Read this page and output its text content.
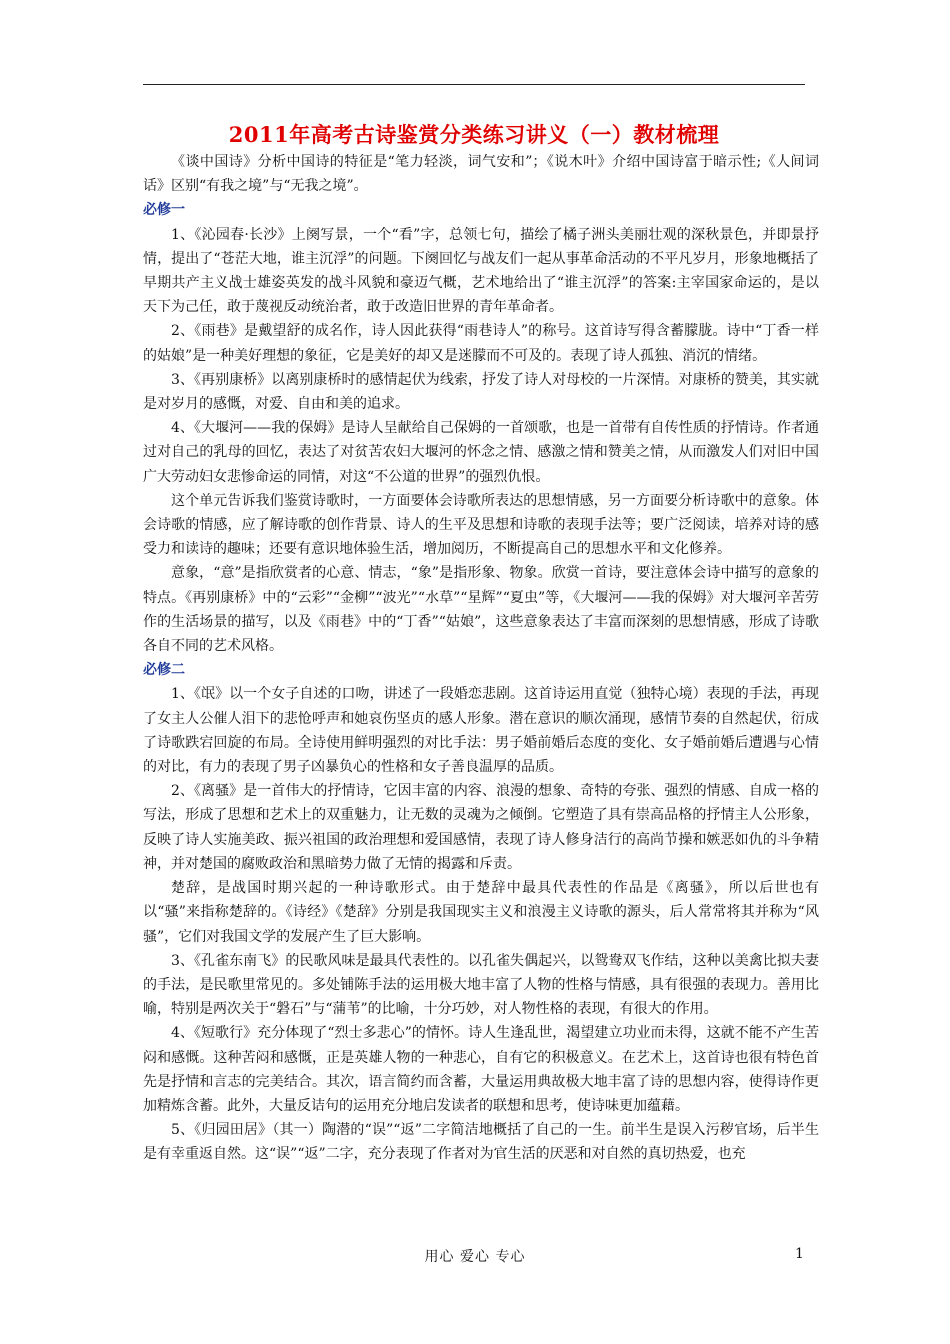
2011年高考古诗鉴赏分类练习讲义（一）教材梳理

《谈中国诗》分析中国诗的特征是“笔力轻淡，词气安和”；《说木叶》介绍中国诗富于暗示性;《人间词话》区别“有我之境”与“无我之境”。

必修一

1、《沁园春·长沙》上阕写景，一个“看”字，总领七句，描绘了橘子洲头美丽壮观的深秋景色，并即景抒情，提出了“苍茫大地，谁主沉浮”的问题。下阕回忆与战友们一起从事革命活动的不平凡岁月，形象地概括了早期共产主义战士雄姿英发的战斗风貌和豪迈气概，艺术地给出了“谁主沉浮”的答案:主宰国家命运的，是以天下为己任，敢于蔑视反动统治者，敢于改造旧世界的青年革命者。

2、《雨巷》是戴望舒的成名作，诗人因此获得“雨巷诗人”的称号。这首诗写得含蓄朦胧。诗中“丁香一样的姑娘”是一种美好理想的象征，它是美好的却又是迷朦而不可及的。表现了诗人孤独、消沉的情绪。

3、《再别康桥》以离别康桥时的感情起伏为线索，抒发了诗人对母校的一片深情。对康桥的赞美，其实就是对岁月的感慨，对爱、自由和美的追求。

4、《大堰河——我的保姆》是诗人呈献给自己保姆的一首颂歌，也是一首带有自传性质的抒情诗。作者通过对自己的乳母的回忆，表达了对贫苦农妇大堰河的怀念之情、感激之情和赞美之情，从而激发人们对旧中国广大劳动妇女悲惨命运的同情，对这“不公道的世界”的强烈仇恨。

这个单元告诉我们鉴赏诗歌时，一方面要体会诗歌所表达的思想情感，另一方面要分析诗歌中的意象。体会诗歌的情感，应了解诗歌的创作背景、诗人的生平及思想和诗歌的表现手法等；要广泛阅读，培养对诗的感受力和读诗的趣味；还要有意识地体验生活，增加阅历，不断提高自己的思想水平和文化修养。

意象，“意”是指欣赏者的心意、情志，“象”是指形象、物象。欣赏一首诗，要注意体会诗中描写的意象的特点。《再别康桥》中的“云彩”“金柳”“波光”“水草”“星辉”“夏虫”等，《大堰河——我的保姆》对大堰河辛苦劳作的生活场景的描写，以及《雨巷》中的“丁香”“姑娘”，这些意象表达了丰富而深刻的思想情感，形成了诗歌各自不同的艺术风格。

必修二

1、《氓》以一个女子自述的口吻，讲述了一段婚恋悲剧。这首诗运用直觉（独特心境）表现的手法，再现了女主人公催人泪下的悲怆呼声和她哀伤坚贞的感人形象。潜在意识的顺次涌现，感情节奏的自然起伏，衍成了诗歌跌宕回旋的布局。全诗使用鲜明强烈的对比手法：男子婚前婚后态度的变化、女子婚前婚后遭遇与心情的对比，有力的表现了男子凶暴负心的性格和女子善良温厚的品质。

2、《离骚》是一首伟大的抒情诗，它因丰富的内容、浪漫的想象、奇特的夸张、强烈的情感、自成一格的写法，形成了思想和艺术上的双重魅力，让无数的灵魂为之倾倒。它塑造了具有崇高品格的抒情主人公形象，反映了诗人实施美政、振兴祖国的政治理想和爱国感情，表现了诗人修身洁行的高尚节操和嫉恶如仇的斗争精神，并对楚国的腐败政治和黑暗势力做了无情的揭露和斥责。

楚辞，是战国时期兴起的一种诗歌形式。由于楚辞中最具代表性的作品是《离骚》，所以后世也有以“骚”来指称楚辞的。《诗经》《楚辞》分别是我国现实主义和浪漫主义诗歌的源头，后人常常将其并称为“风骚”，它们对我国文学的发展产生了巨大影响。

3、《孔雀东南飞》的民歌风味是最具代表性的。以孔雀失偶起兴，以鸳鸯双飞作结，这种以美禽比拟夫妻的手法，是民歌里常见的。多处铺陈手法的运用极大地丰富了人物的性格与情感，具有很强的表现力。善用比喻，特别是两次关于“磐石”与“蒲苇”的比喻，十分巧妙，对人物性格的表现，有很大的作用。

4、《短歌行》充分体现了“烈士多悲心”的情怀。诗人生逢乱世，渴望建立功业而未得，这就不能不产生苦闷和感慨。这种苦闷和感慨，正是英雄人物的一种悲心，自有它的积极意义。在艺术上，这首诗也很有特色首先是抒情和言志的完美结合。其次，语言简约而含蓄，大量运用典故极大地丰富了诗的思想内容，使得诗作更加精炼含蓄。此外，大量反诘句的运用充分地启发读者的联想和思考，使诗味更加蕴藉。

5、《归园田居》（其一）陶潜的“误”“返”二字简洁地概括了自己的一生。前半生是误入污秽官场，后半生是有幸重返自然。这“误”“返”二字，充分表现了作者对为官生活的厌恶和对自然的真切热爱，也充

用心 爱心 专心	1
